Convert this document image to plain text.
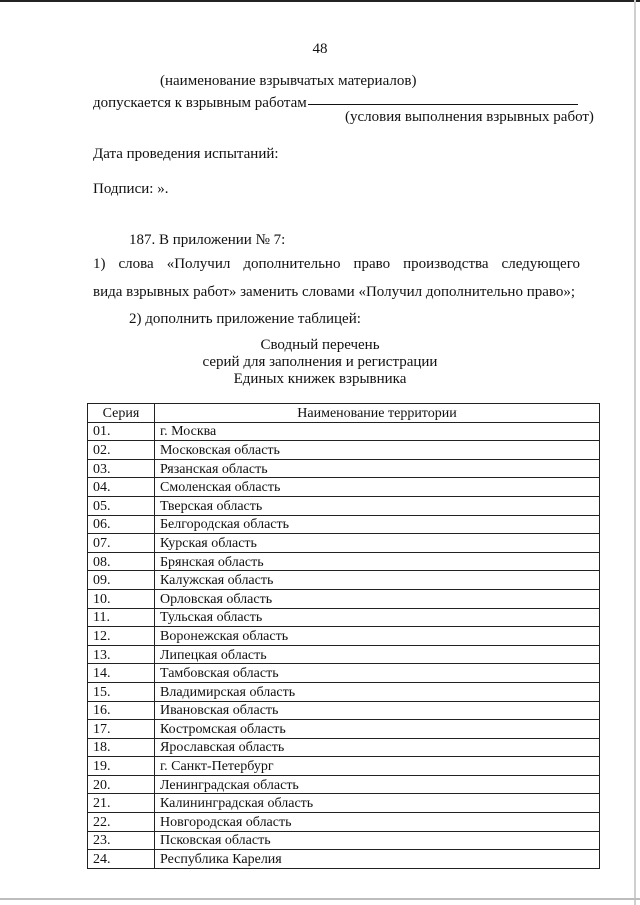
48
(наименование взрывчатых материалов)
допускается к взрывным работам
(условия выполнения взрывных работ)
Дата проведения испытаний:
Подписи: ».
187. В приложении № 7:
1) слова «Получил дополнительно право производства следующего
вида взрывных работ» заменить словами «Получил дополнительно право»;
2) дополнить приложение таблицей:
Сводный перечень
серий для заполнения и регистрации
Единых книжек взрывника
Серия	Наименование территории
01.	г. Москва
02.	Московская область
03.	Рязанская область
04.	Смоленская область
05.	Тверская область
06.	Белгородская область
07.	Курская область
08.	Брянская область
09.	Калужская область
10.	Орловская область
11.	Тульская область
12.	Воронежская область
13.	Липецкая область
14.	Тамбовская область
15.	Владимирская область
16.	Ивановская область
17.	Костромская область
18.	Ярославская область
19.	г. Санкт-Петербург
20.	Ленинградская область
21.	Калининградская область
22.	Новгородская область
23.	Псковская область
24.	Республика Карелия
